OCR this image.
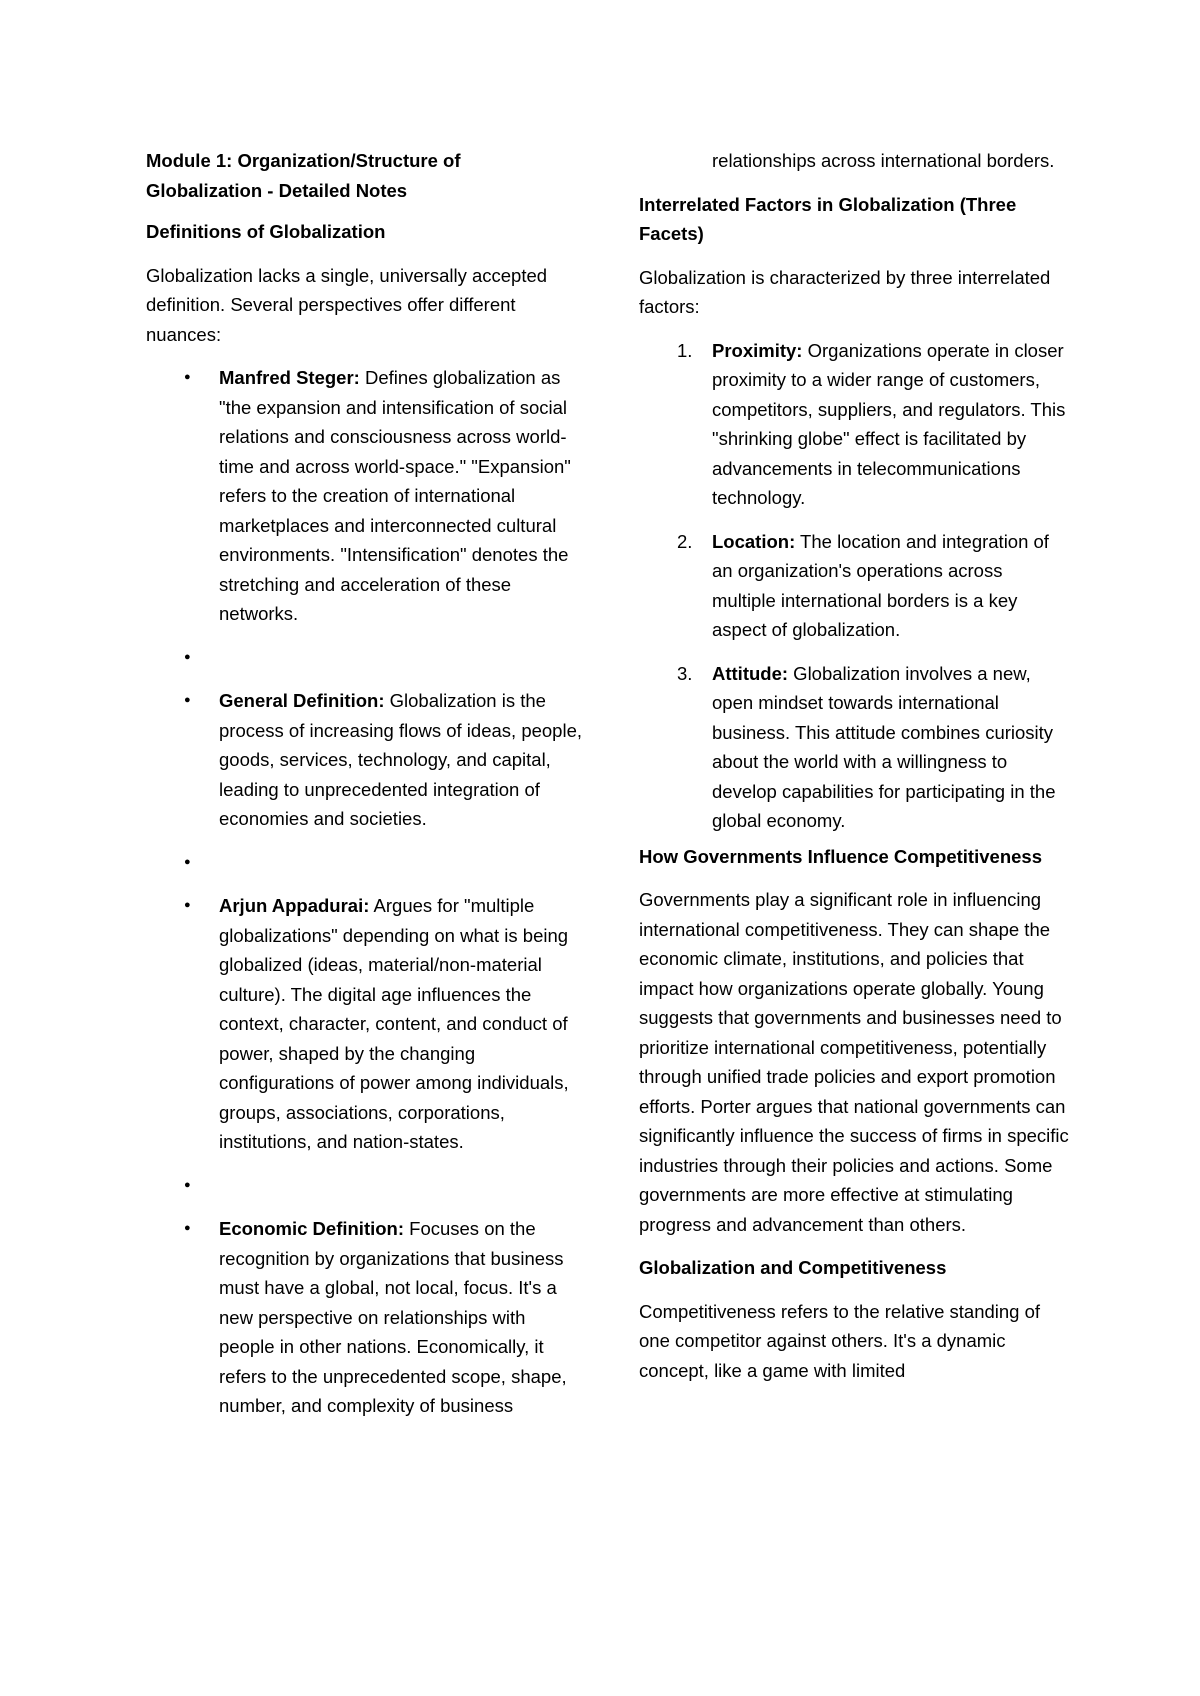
Module 1: Organization/Structure of

Globalization - Detailed Notes

Definitions of Globalization

Globalization lacks a single, universally accepted definition. Several perspectives offer different nuances:

● Manfred Steger: Defines globalization as "the expansion and intensification of social relations and consciousness across world-time and across world-space." "Expansion" refers to the creation of international marketplaces and interconnected cultural environments. "Intensification" denotes the stretching and acceleration of these networks.
●
● General Definition: Globalization is the process of increasing flows of ideas, people, goods, services, technology, and capital, leading to unprecedented integration of economies and societies.
●
● Arjun Appadurai: Argues for "multiple globalizations" depending on what is being globalized (ideas, material/non-material culture). The digital age influences the context, character, content, and conduct of power, shaped by the changing configurations of power among individuals, groups, associations, corporations, institutions, and nation-states.
●
● Economic Definition: Focuses on the recognition by organizations that business must have a global, not local, focus. It's a new perspective on relationships with people in other nations. Economically, it refers to the unprecedented scope, shape, number, and complexity of business
relationships across international borders.

Interrelated Factors in Globalization (Three Facets)

Globalization is characterized by three interrelated factors:

1. Proximity: Organizations operate in closer proximity to a wider range of customers, competitors, suppliers, and regulators. This "shrinking globe" effect is facilitated by advancements in telecommunications technology.
2. Location: The location and integration of an organization's operations across multiple international borders is a key aspect of globalization.
3. Attitude: Globalization involves a new, open mindset towards international business. This attitude combines curiosity about the world with a willingness to develop capabilities for participating in the global economy.

How Governments Influence Competitiveness

Governments play a significant role in influencing international competitiveness. They can shape the economic climate, institutions, and policies that impact how organizations operate globally. Young suggests that governments and businesses need to prioritize international competitiveness, potentially through unified trade policies and export promotion efforts. Porter argues that national governments can significantly influence the success of firms in specific industries through their policies and actions. Some governments are more effective at stimulating progress and advancement than others.

Globalization and Competitiveness

Competitiveness refers to the relative standing of one competitor against others. It's a dynamic concept, like a game with limited
